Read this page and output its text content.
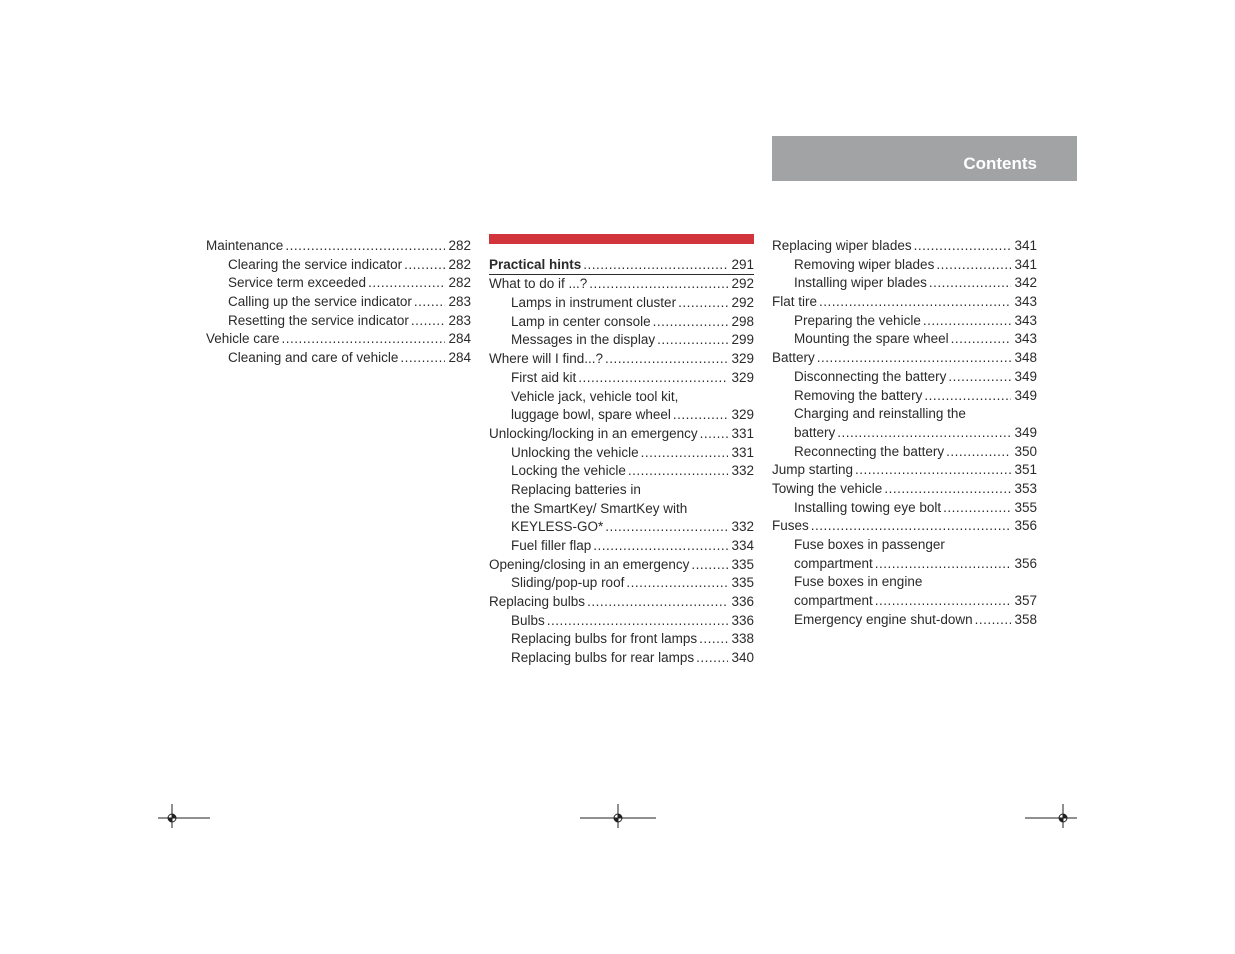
Contents
Maintenance .....	282
Clearing the service indicator .....	282
Service term exceeded .....	282
Calling up the service indicator .....	283
Resetting the service indicator .....	283
Vehicle care .....	284
Cleaning and care of vehicle .....	284
Practical hints .....	291
What to do if ...? .....	292
Lamps in instrument cluster .....	292
Lamp in center console .....	298
Messages in the display .....	299
Where will I find...? .....	329
First aid kit .....	329
Vehicle jack, vehicle tool kit,
luggage bowl, spare wheel .....	329
Unlocking/locking in an emergency .....	331
Unlocking the vehicle .....	331
Locking the vehicle .....	332
Replacing batteries in
the SmartKey/ SmartKey with
KEYLESS-GO* .....	332
Fuel filler flap .....	334
Opening/closing in an emergency .....	335
Sliding/pop-up roof .....	335
Replacing bulbs .....	336
Bulbs .....	336
Replacing bulbs for front lamps .....	338
Replacing bulbs for rear lamps .....	340
Replacing wiper blades .....	341
Removing wiper blades .....	341
Installing wiper blades .....	342
Flat tire .....	343
Preparing the vehicle .....	343
Mounting the spare wheel .....	343
Battery .....	348
Disconnecting the battery .....	349
Removing the battery .....	349
Charging and reinstalling the
battery .....	349
Reconnecting the battery .....	350
Jump starting .....	351
Towing the vehicle .....	353
Installing towing eye bolt .....	355
Fuses .....	356
Fuse boxes in passenger
compartment .....	356
Fuse boxes in engine
compartment .....	357
Emergency engine shut-down .....	358
